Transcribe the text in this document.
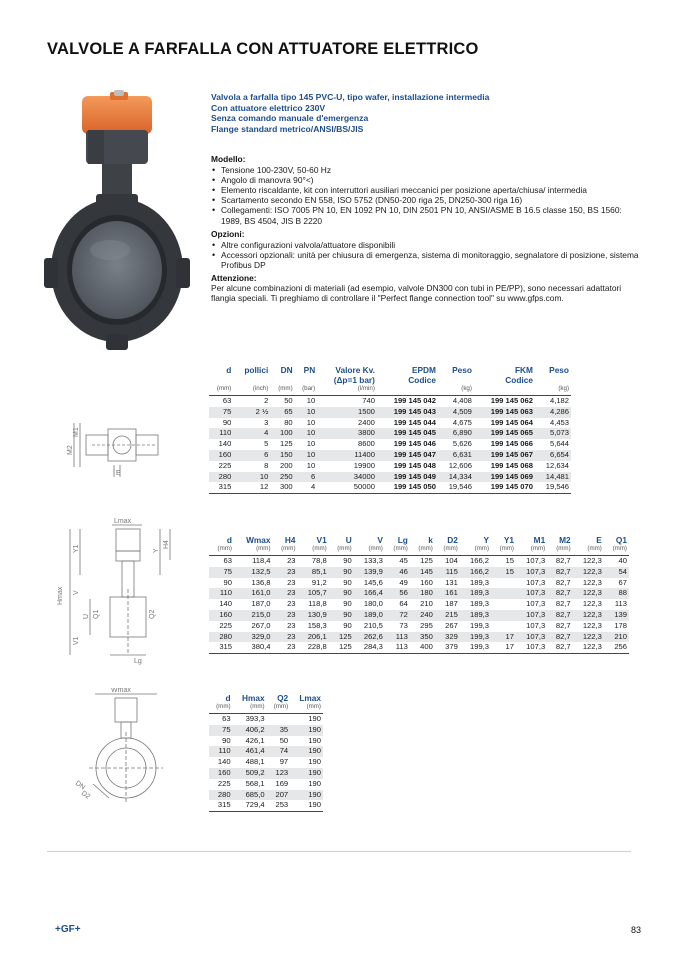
VALVOLE A FARFALLA CON ATTUATORE ELETTRICO
Valvola a farfalla tipo 145 PVC-U, tipo wafer, installazione intermedia
Con attuatore elettrico 230V
Senza comando manuale d'emergenza
Flange standard metrico/ANSI/BS/JIS
Modello:
• Tensione 100-230V, 50-60 Hz
• Angolo di manovra 90°<)
• Elemento riscaldante, kit con interruttori ausiliari meccanici per posizione aperta/chiusa/ intermedia
• Scartamento secondo EN 558, ISO 5752 (DN50-200 riga 25, DN250-300 riga 16)
• Collegamenti: ISO 7005 PN 10, EN 1092 PN 10, DIN 2501 PN 10, ANSI/ASME B 16.5 classe 150, BS 1560: 1989, BS 4504, JIS B 2220
Opzioni:
• Altre configurazioni valvola/attuatore disponibili
• Accessori opzionali: unità per chiusura di emergenza, sistema di monitoraggio, segnalatore di posizione, sistema Profibus DP
Attenzione:

Per alcune combinazioni di materiali (ad esempio, valvole DN300 con tubi in PE/PP), sono necessari adattatori flangia speciali. Ti preghiamo di controllare il "Perfect flange connection tool" su www.gfps.com.

M2
M1
E
Lmax
Y1	Y
H4
Hmax V
U Q1	Q2
V1
Lg
Wmax
DN
D2
d	pollici	DN	PN	Valore Kv.	EPDM	Peso	FKM	Peso
				(Δp=1 bar)	Codice		Codice	
(mm)	(inch)	(mm)	(bar)	(l/min)		(kg)		(kg)
63	2	50	10	740	199 145 042	4,408	199 145 062	4,182
75	2 ½	65	10	1500	199 145 043	4,509	199 145 063	4,286
90	3	80	10	2400	199 145 044	4,675	199 145 064	4,453
110	4	100	10	3800	199 145 045	6,890	199 145 065	5,073
140	5	125	10	8600	199 145 046	5,626	199 145 066	5,644
160	6	150	10	11400	199 145 047	6,631	199 145 067	6,654
225	8	200	10	19900	199 145 048	12,606	199 145 068	12,634
280	10	250	6	34000	199 145 049	14,334	199 145 069	14,481
315	12	300	4	50000	199 145 050	19,546	199 145 070	19,546
d	Wmax	H4	V1	U	V	Lg	k	D2	Y	Y1	M1	M2	E	Q1
(mm)	(mm)	(mm)	(mm)	(mm)	(mm)	(mm)	(mm)	(mm)	(mm)	(mm)	(mm)	(mm)	(mm)	(mm)
63	118,4	23	78,8	90	133,3	45	125	104	166,2	15	107,3	82,7	122,3	40
75	132,5	23	85,1	90	139,9	46	145	115	166,2	15	107,3	82,7	122,3	54
90	136,8	23	91,2	90	145,6	49	160	131	189,3		107,3	82,7	122,3	67
110	161,0	23	105,7	90	166,4	56	180	161	189,3		107,3	82,7	122,3	88
140	187,0	23	118,8	90	180,0	64	210	187	189,3		107,3	82,7	122,3	113
160	215,0	23	130,9	90	189,0	72	240	215	189,3		107,3	82,7	122,3	139
225	267,0	23	158,3	90	210,5	73	295	267	199,3		107,3	82,7	122,3	178
280	329,0	23	206,1	125	262,6	113	350	329	199,3	17	107,3	82,7	122,3	210
315	380,4	23	228,8	125	284,3	113	400	379	199,3	17	107,3	82,7	122,3	256
d	Hmax	Q2	Lmax
(mm)	(mm)	(mm)	(mm)
63	393,3		190
75	406,2	35	190
90	426,1	50	190
110	461,4	74	190
140	488,1	97	190
160	509,2	123	190
225	568,1	169	190
280	685,0	207	190
315	729,4	253	190
+GF+	83
